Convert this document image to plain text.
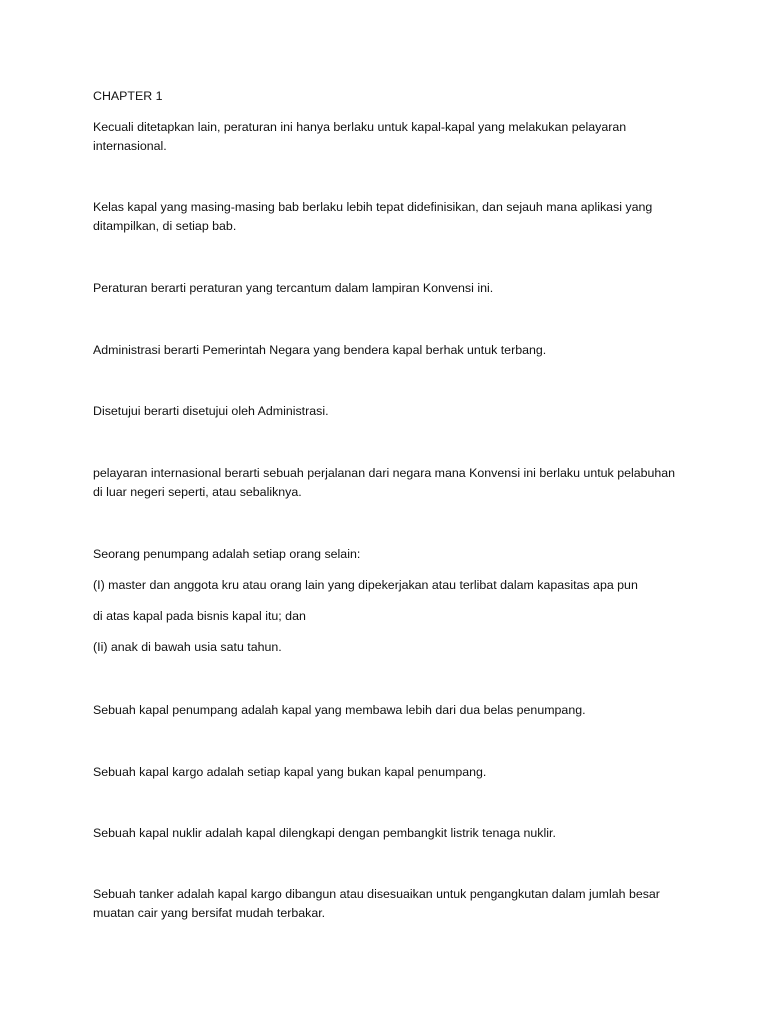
CHAPTER 1

Kecuali ditetapkan lain, peraturan ini hanya berlaku untuk kapal-kapal yang melakukan pelayaran internasional.

Kelas kapal yang masing-masing bab berlaku lebih tepat didefinisikan, dan sejauh mana aplikasi yang ditampilkan, di setiap bab.

Peraturan berarti peraturan yang tercantum dalam lampiran Konvensi ini.

Administrasi berarti Pemerintah Negara yang bendera kapal berhak untuk terbang.

Disetujui berarti disetujui oleh Administrasi.

pelayaran internasional berarti sebuah perjalanan dari negara mana Konvensi ini berlaku untuk pelabuhan di luar negeri seperti, atau sebaliknya.

Seorang penumpang adalah setiap orang selain:

(I) master dan anggota kru atau orang lain yang dipekerjakan atau terlibat dalam kapasitas apa pun

di atas kapal pada bisnis kapal itu; dan

(Ii) anak di bawah usia satu tahun.

Sebuah kapal penumpang adalah kapal yang membawa lebih dari dua belas penumpang.

Sebuah kapal kargo adalah setiap kapal yang bukan kapal penumpang.

Sebuah kapal nuklir adalah kapal dilengkapi dengan pembangkit listrik tenaga nuklir.

Sebuah tanker adalah kapal kargo dibangun atau disesuaikan untuk pengangkutan dalam jumlah besar muatan cair yang bersifat mudah terbakar.
